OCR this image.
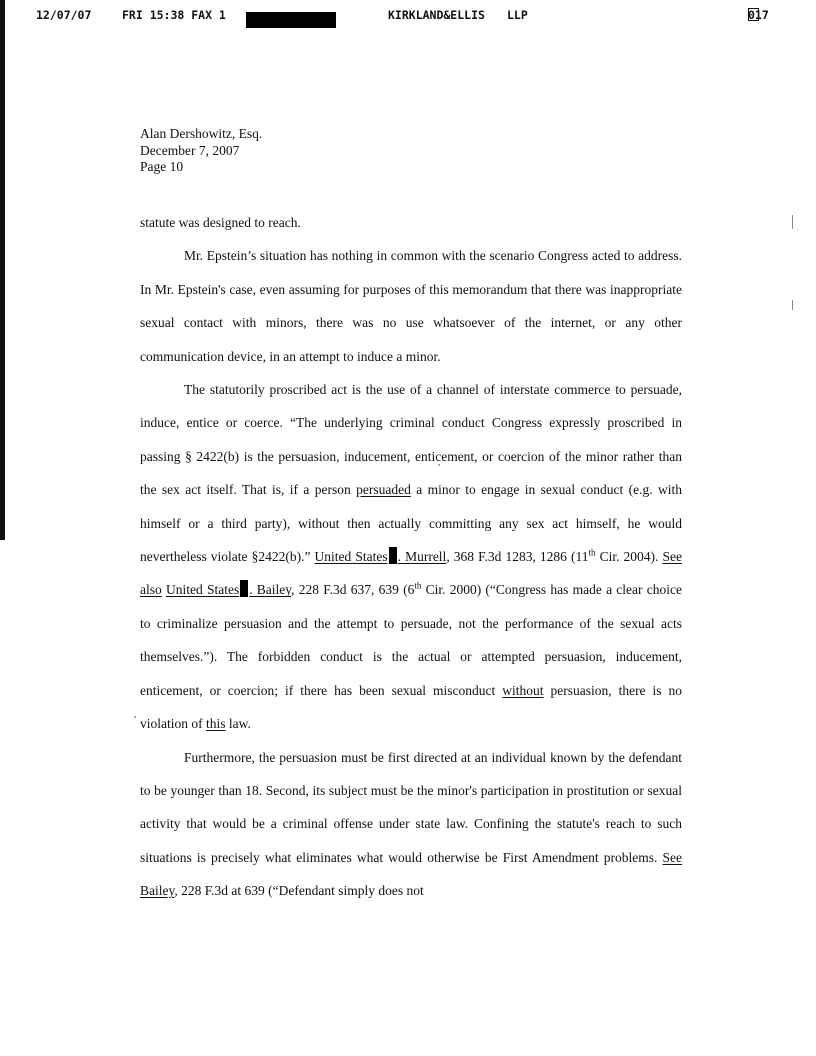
12/07/07	FRI 15:38 FAX 1	KIRKLAND&ELLIS LLP	017
Alan Dershowitz, Esq.
December 7, 2007
Page 10

statute was designed to reach.

Mr. Epstein’s situation has nothing in common with the scenario Congress acted to address. In Mr. Epstein's case, even assuming for purposes of this memorandum that there was inappropriate sexual contact with minors, there was no use whatsoever of the internet, or any other communication device, in an attempt to induce a minor.

The statutorily proscribed act is the use of a channel of interstate commerce to persuade, induce, entice or coerce. “The underlying criminal conduct Congress expressly proscribed in passing § 2422(b) is the persuasion, inducement, enticement, or coercion of the minor rather than the sex act itself. That is, if a person persuaded a minor to engage in sexual conduct (e.g. with himself or a third party), without then actually committing any sex act himself, he would nevertheless violate §2422(b).” United States . Murrell, 368 F.3d 1283, 1286 (11th Cir. 2004). See also United States . Bailey, 228 F.3d 637, 639 (6th Cir. 2000) (“Congress has made a clear choice to criminalize persuasion and the attempt to persuade, not the performance of the sexual acts themselves.”). The forbidden conduct is the actual or attempted persuasion, inducement, enticement, or coercion; if there has been sexual misconduct without persuasion, there is no violation of this law.

Furthermore, the persuasion must be first directed at an individual known by the defendant to be younger than 18. Second, its subject must be the minor's participation in prostitution or sexual activity that would be a criminal offense under state law. Confining the statute's reach to such situations is precisely what eliminates what would otherwise be First Amendment problems. See Bailey, 228 F.3d at 639 (“Defendant simply does not
